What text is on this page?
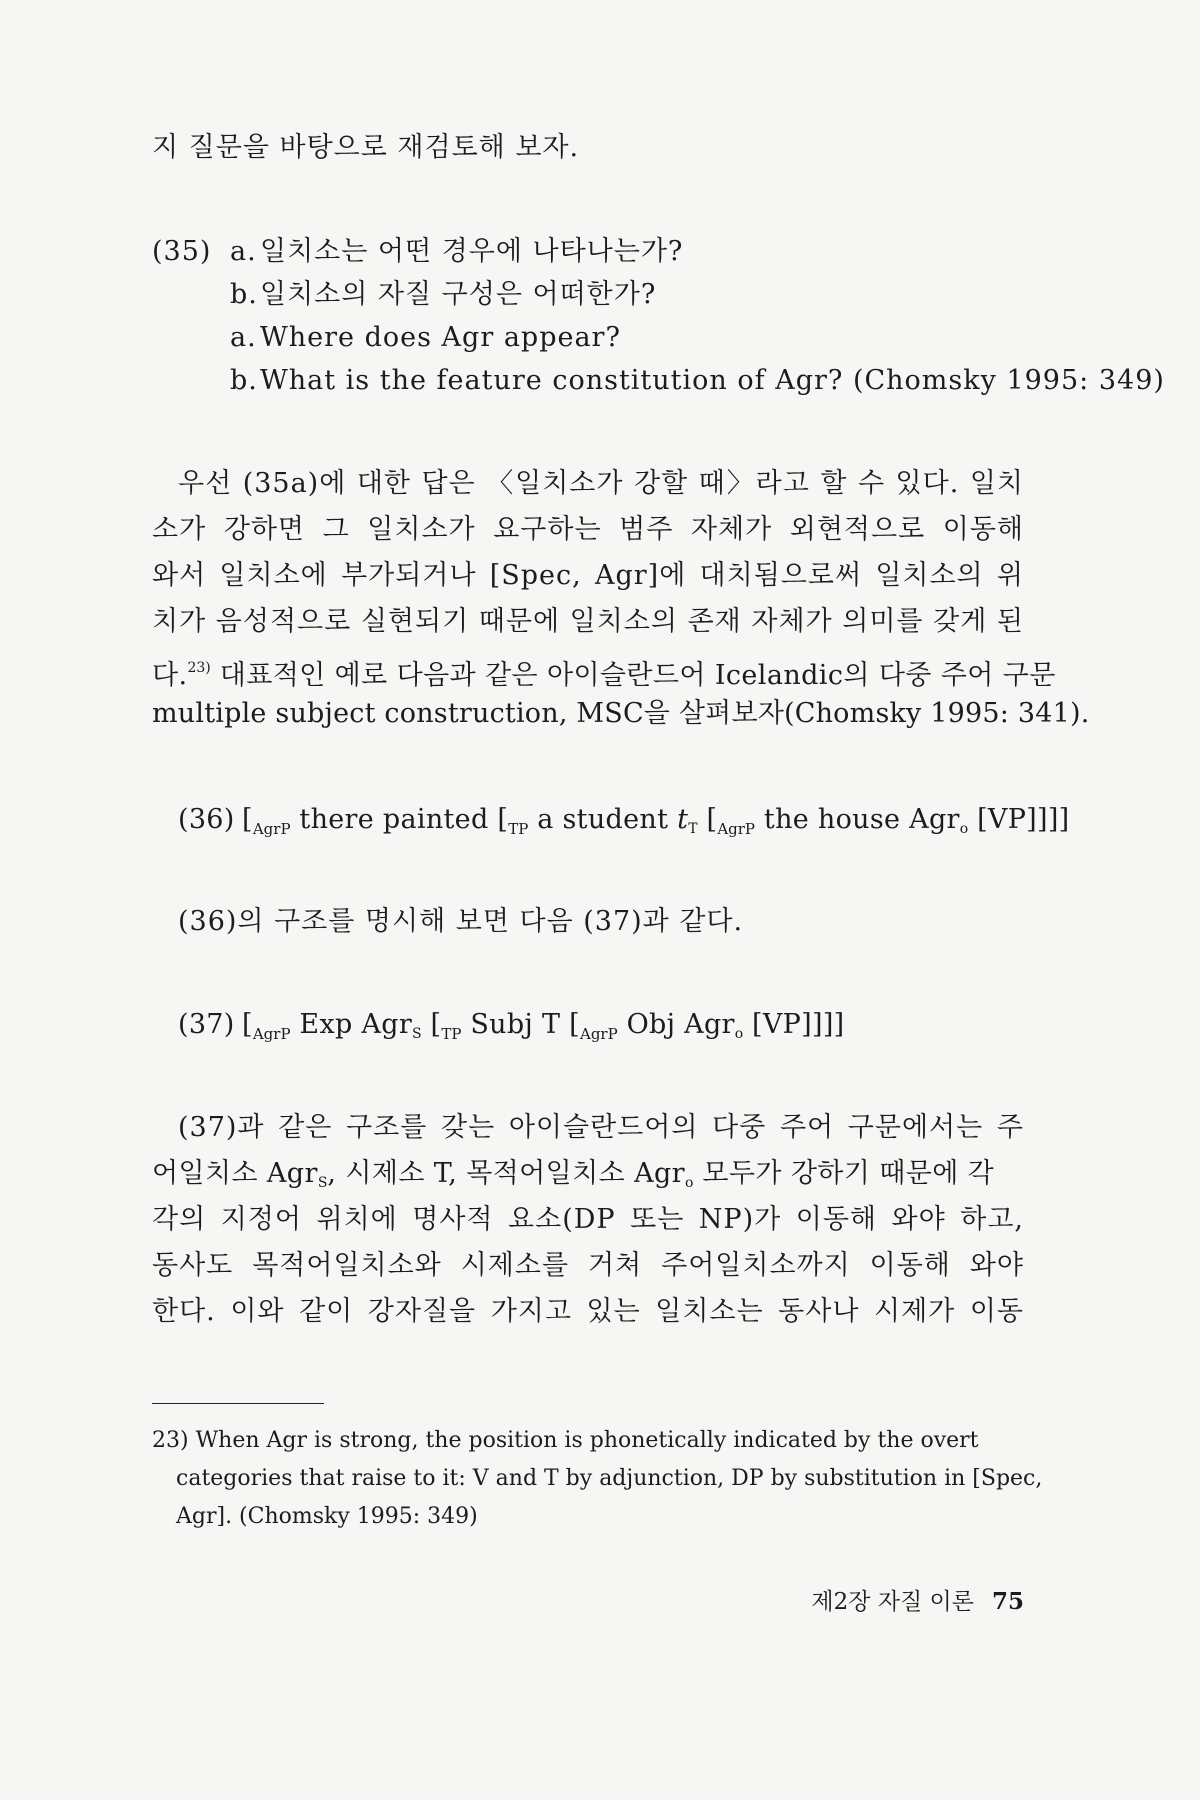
지 질문을 바탕으로 재검토해 보자.
(35) a. 일치소는 어떤 경우에 나타나는가?
b.일치소의 자질 구성은 어떠한가?
a. Where does Agr appear?
b.What is the feature constitution of Agr? (Chomsky 1995: 349)
우선 (35a)에 대한 답은 〈일치소가 강할 때〉라고 할 수 있다. 일치
소가 강하면 그 일치소가 요구하는 범주 자체가 외현적으로 이동해
와서 일치소에 부가되거나 [Spec, Agr]에 대치됨으로써 일치소의 위
치가 음성적으로 실현되기 때문에 일치소의 존재 자체가 의미를 갖게 된
다.$^{23)}$ 대표적인 예로 다음과 같은 아이슬란드어 Icelandic의 다중 주어 구문
multiple subject construction, MSC을 살펴보자(Chomsky 1995: 341).
(36) [$_{AgrP}$ there painted [$_{TP}$ a student tT [$_{AgrP}$ the house Agro [VP]]]]
(36)의 구조를 명시해 보면 다음 (37)과 같다.
(37) [$_{AgrP}$ Exp AgrS [$_{TP}$ Subj T [$_{AgrP}$ Obj Agro [VP]]]]
(37)과 같은 구조를 갖는 아이슬란드어의 다중 주어 구문에서는 주
어일치소 AgrS, 시제소 T, 목적어일치소 Agro 모두가 강하기 때문에 각
각의 지정어 위치에 명사적 요소(DP 또는 NP)가 이동해 와야 하고,
동사도 목적어일치소와 시제소를 거쳐 주어일치소까지 이동해 와야
한다. 이와 같이 강자질을 가지고 있는 일치소는 동사나 시제가 이동
23) When Agr is strong, the position is phonetically indicated by the overt
categories that raise to it: V and T by adjunction, DP by substitution in [Spec,
Agr]. (Chomsky 1995: 349)
제2장 자질 이론 75
